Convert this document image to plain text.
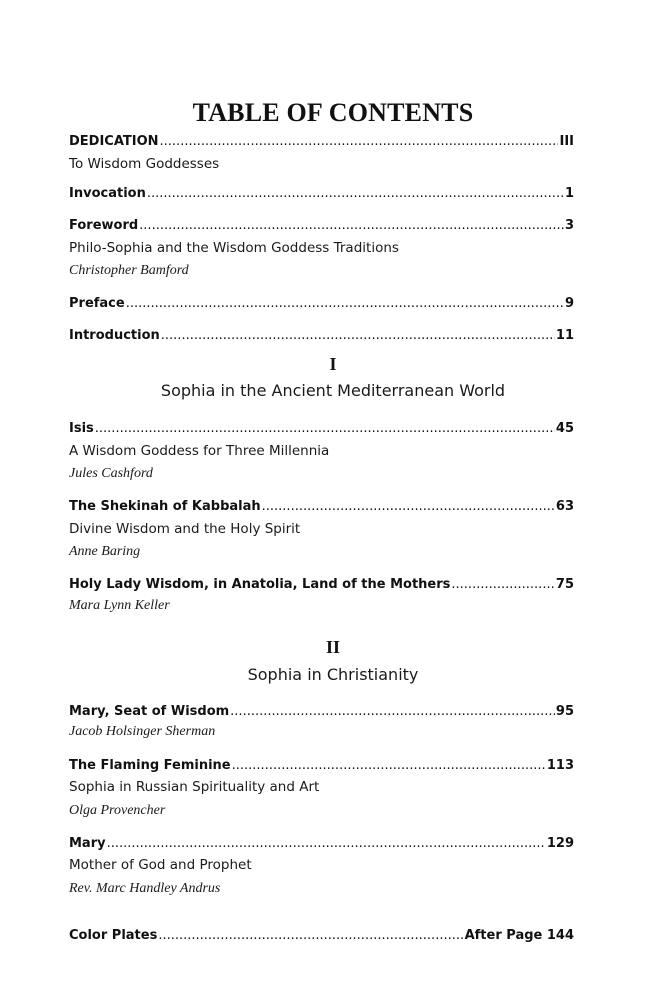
TABLE OF CONTENTS
DEDICATION .....	III
To Wisdom Goddesses
Invocation .....	1
Foreword .....	3
Philo-Sophia and the Wisdom Goddess Traditions
Christopher Bamford
Preface .....	9
Introduction .....	11
I
Sophia in the Ancient Mediterranean World
Isis .....	45
A Wisdom Goddess for Three Millennia
Jules Cashford
The Shekinah of Kabbalah .....	63
Divine Wisdom and the Holy Spirit
Anne Baring
Holy Lady Wisdom, in Anatolia, Land of the Mothers .....	75
Mara Lynn Keller
II
Sophia in Christianity
Mary, Seat of Wisdom .....	95
Jacob Holsinger Sherman
The Flaming Feminine .....	113
Sophia in Russian Spirituality and Art
Olga Provencher
Mary .....	129
Mother of God and Prophet
Rev. Marc Handley Andrus
Color Plates .....	After Page 144
